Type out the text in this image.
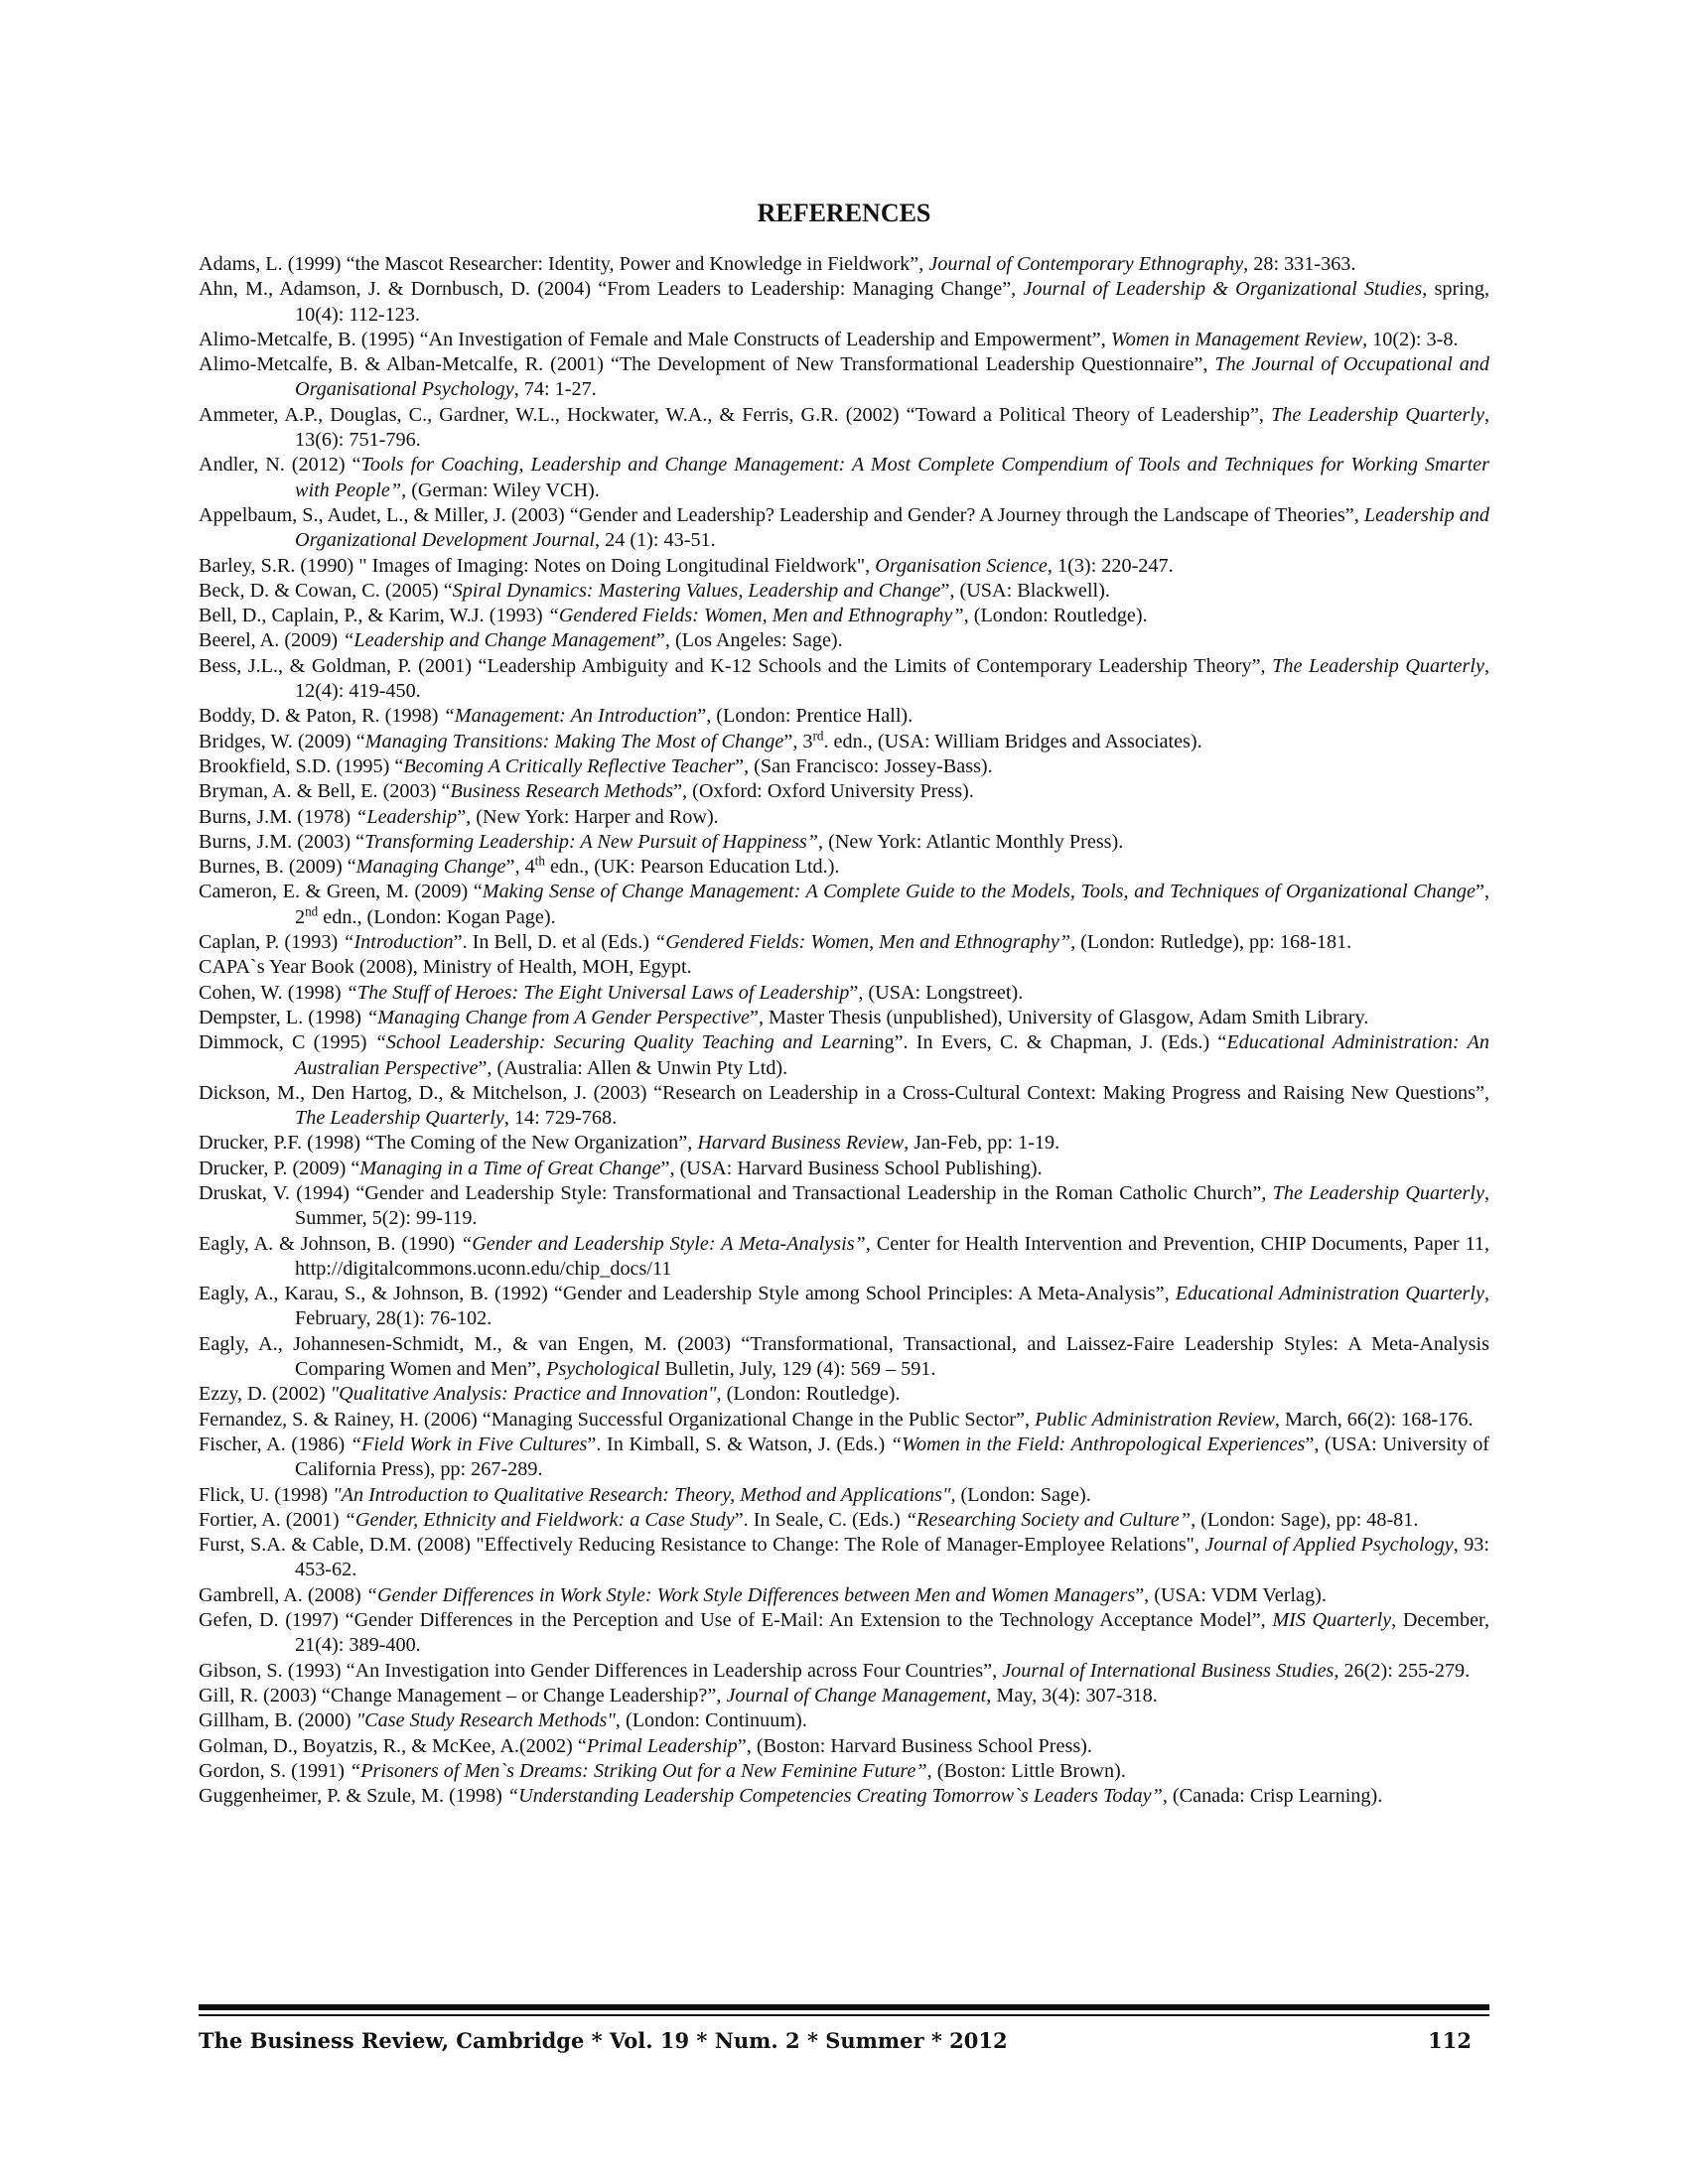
REFERENCES

Adams, L. (1999) “the Mascot Researcher: Identity, Power and Knowledge in Fieldwork”, Journal of Contemporary Ethnography, 28: 331-363.

Ahn, M., Adamson, J. & Dornbusch, D. (2004) “From Leaders to Leadership: Managing Change”, Journal of Leadership & Organizational Studies, spring, 10(4): 112-123.

Alimo-Metcalfe, B. (1995) “An Investigation of Female and Male Constructs of Leadership and Empowerment”, Women in Management Review, 10(2): 3-8.

Alimo-Metcalfe, B. & Alban-Metcalfe, R. (2001) “The Development of New Transformational Leadership Questionnaire”, The Journal of Occupational and Organisational Psychology, 74: 1-27.

Ammeter, A.P., Douglas, C., Gardner, W.L., Hockwater, W.A., & Ferris, G.R. (2002) “Toward a Political Theory of Leadership”, The Leadership Quarterly, 13(6): 751-796.

Andler, N. (2012) “Tools for Coaching, Leadership and Change Management: A Most Complete Compendium of Tools and Techniques for Working Smarter with People”, (German: Wiley VCH).

Appelbaum, S., Audet, L., & Miller, J. (2003) “Gender and Leadership? Leadership and Gender? A Journey through the Landscape of Theories”, Leadership and Organizational Development Journal, 24 (1): 43-51.

Barley, S.R. (1990) " Images of Imaging: Notes on Doing Longitudinal Fieldwork", Organisation Science, 1(3): 220-247.

Beck, D. & Cowan, C. (2005) “Spiral Dynamics: Mastering Values, Leadership and Change”, (USA: Blackwell).

Bell, D., Caplain, P., & Karim, W.J. (1993) “Gendered Fields: Women, Men and Ethnography”, (London: Routledge).

Beerel, A. (2009) “Leadership and Change Management”, (Los Angeles: Sage).

Bess, J.L., & Goldman, P. (2001) “Leadership Ambiguity and K-12 Schools and the Limits of Contemporary Leadership Theory”, The Leadership Quarterly, 12(4): 419-450.

Boddy, D. & Paton, R. (1998) “Management: An Introduction”, (London: Prentice Hall).

Bridges, W. (2009) “Managing Transitions: Making The Most of Change”, 3rd. edn., (USA: William Bridges and Associates).

Brookfield, S.D. (1995) “Becoming A Critically Reflective Teacher”, (San Francisco: Jossey-Bass).

Bryman, A. & Bell, E. (2003) “Business Research Methods”, (Oxford: Oxford University Press).

Burns, J.M. (1978) “Leadership”, (New York: Harper and Row).

Burns, J.M. (2003) “Transforming Leadership: A New Pursuit of Happiness”, (New York: Atlantic Monthly Press).

Burnes, B. (2009) “Managing Change”, 4th edn., (UK: Pearson Education Ltd.).

Cameron, E. & Green, M. (2009) “Making Sense of Change Management: A Complete Guide to the Models, Tools, and Techniques of Organizational Change”, 2nd edn., (London: Kogan Page).

Caplan, P. (1993) “Introduction”. In Bell, D. et al (Eds.) “Gendered Fields: Women, Men and Ethnography”, (London: Rutledge), pp: 168-181.

CAPA`s Year Book (2008), Ministry of Health, MOH, Egypt.

Cohen, W. (1998) “The Stuff of Heroes: The Eight Universal Laws of Leadership”, (USA: Longstreet).

Dempster, L. (1998) “Managing Change from A Gender Perspective”, Master Thesis (unpublished), University of Glasgow, Adam Smith Library.

Dimmock, C (1995) “School Leadership: Securing Quality Teaching and Learning”. In Evers, C. & Chapman, J. (Eds.) “Educational Administration: An Australian Perspective”, (Australia: Allen & Unwin Pty Ltd).

Dickson, M., Den Hartog, D., & Mitchelson, J. (2003) “Research on Leadership in a Cross-Cultural Context: Making Progress and Raising New Questions”, The Leadership Quarterly, 14: 729-768.

Drucker, P.F. (1998) “The Coming of the New Organization”, Harvard Business Review, Jan-Feb, pp: 1-19.

Drucker, P. (2009) “Managing in a Time of Great Change”, (USA: Harvard Business School Publishing).

Druskat, V. (1994) “Gender and Leadership Style: Transformational and Transactional Leadership in the Roman Catholic Church”, The Leadership Quarterly, Summer, 5(2): 99-119.

Eagly, A. & Johnson, B. (1990) “Gender and Leadership Style: A Meta-Analysis”, Center for Health Intervention and Prevention, CHIP Documents, Paper 11, http://digitalcommons.uconn.edu/chip_docs/11

Eagly, A., Karau, S., & Johnson, B. (1992) “Gender and Leadership Style among School Principles: A Meta-Analysis”, Educational Administration Quarterly, February, 28(1): 76-102.

Eagly, A., Johannesen-Schmidt, M., & van Engen, M. (2003) “Transformational, Transactional, and Laissez-Faire Leadership Styles: A Meta-Analysis Comparing Women and Men”, Psychological Bulletin, July, 129 (4): 569 – 591.

Ezzy, D. (2002) "Qualitative Analysis: Practice and Innovation", (London: Routledge).

Fernandez, S. & Rainey, H. (2006) “Managing Successful Organizational Change in the Public Sector”, Public Administration Review, March, 66(2): 168-176.

Fischer, A. (1986) “Field Work in Five Cultures”. In Kimball, S. & Watson, J. (Eds.) “Women in the Field: Anthropological Experiences”, (USA: University of California Press), pp: 267-289.

Flick, U. (1998) "An Introduction to Qualitative Research: Theory, Method and Applications", (London: Sage).

Fortier, A. (2001) “Gender, Ethnicity and Fieldwork: a Case Study”. In Seale, C. (Eds.) “Researching Society and Culture”, (London: Sage), pp: 48-81.

Furst, S.A. & Cable, D.M. (2008) "Effectively Reducing Resistance to Change: The Role of Manager-Employee Relations", Journal of Applied Psychology, 93: 453-62.

Gambrell, A. (2008) “Gender Differences in Work Style: Work Style Differences between Men and Women Managers”, (USA: VDM Verlag).

Gefen, D. (1997) “Gender Differences in the Perception and Use of E-Mail: An Extension to the Technology Acceptance Model”, MIS Quarterly, December, 21(4): 389-400.

Gibson, S. (1993) “An Investigation into Gender Differences in Leadership across Four Countries”, Journal of International Business Studies, 26(2): 255-279.

Gill, R. (2003) “Change Management – or Change Leadership?”, Journal of Change Management, May, 3(4): 307-318.

Gillham, B. (2000) "Case Study Research Methods", (London: Continuum).

Golman, D., Boyatzis, R., & McKee, A.(2002) “Primal Leadership”, (Boston: Harvard Business School Press).

Gordon, S. (1991) “Prisoners of Men`s Dreams: Striking Out for a New Feminine Future”, (Boston: Little Brown).

Guggenheimer, P. & Szule, M. (1998) “Understanding Leadership Competencies Creating Tomorrow`s Leaders Today”, (Canada: Crisp Learning).

The Business Review, Cambridge * Vol. 19 * Num. 2 * Summer * 2012	112
